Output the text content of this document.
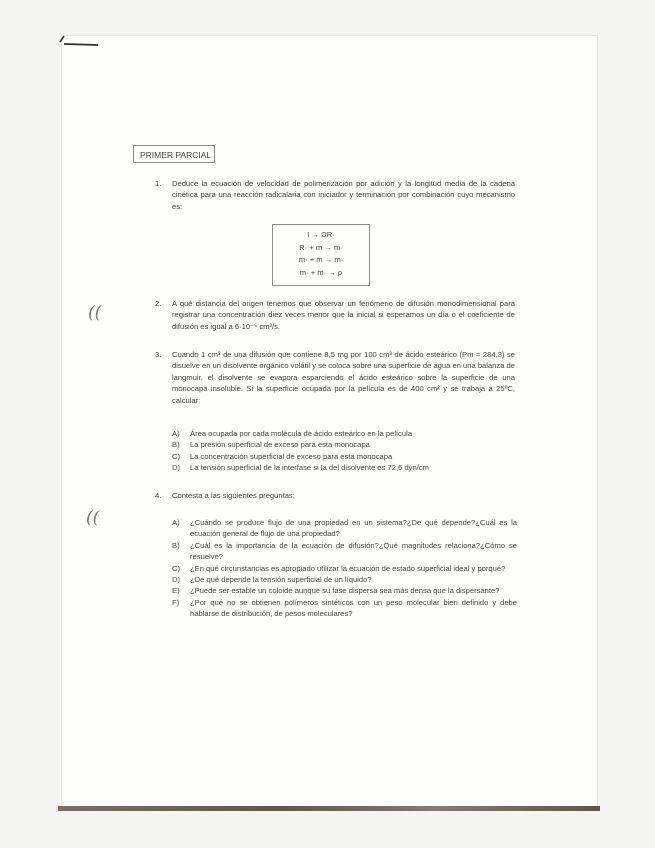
PRIMER PARCIAL
1. Deduce la ecuación de velocidad de polimerización por adición y la longitud media de la cadena cinética para una reacción radicalaria con iniciador y terminación por combinación cuyo mecanismo es:
I → ΩR·
R· + m → m·
m· + m → m·
m· + m· → ρ
2. A qué distancia del origen tenemos que observar un fenómeno de difusión monodimensional para registrar una concentración diez veces menor que la inicial si esperamos un día o el coeficiente de difusión es igual a 6·10⁻⁵ cm²/s.
((
3. Cuando 1 cm³ de una difusión que contiene 8,5 mg por 100 cm³ de ácido esteárico (Pm = 284,3) se disuelve en un disolvente orgánico volátil y se coloca sobre una superficie de agua en una balanza de langmuir, el disolvente se evapora esparciendo el ácido esteárico sobre la superficie de una monocapa insoluble. Si la superficie ocupada por la película es de 400 cm² y se trabaja a 25ºC, calcular:
A) Área ocupada por cada molécula de ácido esteárico en la película
B) La presión superficial de exceso para esta monocapa
C) La concentración superficial de exceso para esta monocapa
D) La tensión superficial de la interfase si la del disolvente es 72,6 dyn/cm
4. Contesta a las siguientes preguntas:
((	A) ¿Cuándo se produce flujo de una propiedad en un sistema?¿De qué depende?¿Cuál es la ecuación general de flujo de una propiedad?
B) ¿Cuál es la importancia de la ecuación de difusión?¿Qué magnitudes relaciona?¿Cómo se resuelve?
C) ¿En qué circunstancias es apropiado utilizar la ecuación de estado superficial ideal y porqué?
D) ¿De qué depende la tensión superficial de un líquido?
E) ¿Puede ser estable un coloide aunque su fase dispersa sea más densa que la dispersante?
F) ¿Por qué no se obtienen polímeros sintéticos con un peso molecular bien definido y debe hablarse de distribución, de pesos moleculares?
